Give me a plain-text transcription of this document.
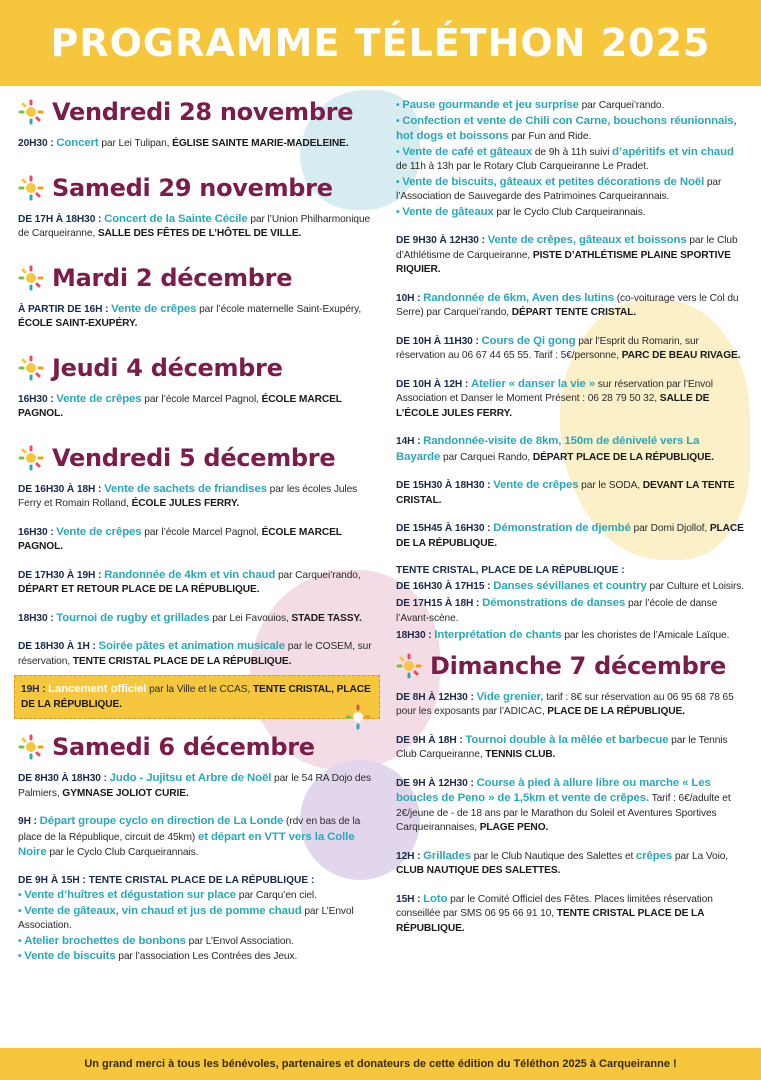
PROGRAMME TÉLÉTHON 2025
Vendredi 28 novembre

20H30 : Concert par Lei Tulipan, ÉGLISE SAINTE MARIE-MADELEINE.

Samedi 29 novembre

DE 17H À 18H30 : Concert de la Sainte Cécile par l’Union Philharmonique de Carqueiranne, SALLE DES FÊTES DE L’HÔTEL DE VILLE.

Mardi 2 décembre

À PARTIR DE 16H : Vente de crêpes par l’école maternelle Saint-Exupéry, ÉCOLE SAINT-EXUPÉRY.

Jeudi 4 décembre

16H30 : Vente de crêpes par l’école Marcel Pagnol, ÉCOLE MARCEL PAGNOL.

Vendredi 5 décembre

DE 16H30 À 18H : Vente de sachets de friandises par les écoles Jules Ferry et Romain Rolland, ÉCOLE JULES FERRY.

16H30 : Vente de crêpes par l’école Marcel Pagnol, ÉCOLE MARCEL PAGNOL.

DE 17H30 À 19H : Randonnée de 4km et vin chaud par Carquei’rando, DÉPART ET RETOUR PLACE DE LA RÉPUBLIQUE.

18H30 : Tournoi de rugby et grillades par Lei Favouios, STADE TASSY.

DE 18H30 À 1H : Soirée pâtes et animation musicale par le COSEM, sur réservation, TENTE CRISTAL PLACE DE LA RÉPUBLIQUE.

19H : Lancement officiel par la Ville et le CCAS, TENTE CRISTAL, PLACE DE LA RÉPUBLIQUE.

Samedi 6 décembre

DE 8H30 À 18H30 : Judo - Jujitsu et Arbre de Noël par le 54 RA Dojo des Palmiers, GYMNASE JOLIOT CURIE.

9H : Départ groupe cyclo en direction de La Londe (rdv en bas de la place de la République, circuit de 45km) et départ en VTT vers la Colle Noire par le Cyclo Club Carqueirannais.

DE 9H À 15H : TENTE CRISTAL PLACE DE LA RÉPUBLIQUE :

• Vente d’huîtres et dégustation sur place par Carqu’en ciel.

• Vente de gâteaux, vin chaud et jus de pomme chaud par L’Envol Association.

• Atelier brochettes de bonbons par L’Envol Association.

• Vente de biscuits par l’association Les Contrées des Jeux.

• Pause gourmande et jeu surprise par Carquei’rando.

• Confection et vente de Chili con Carne, bouchons réunionnais, hot dogs et boissons par Fun and Ride.

• Vente de café et gâteaux de 9h à 11h suivi d’apéritifs et vin chaud de 11h à 13h par le Rotary Club Carqueiranne Le Pradet.

• Vente de biscuits, gâteaux et petites décorations de Noël par l’Association de Sauvegarde des Patrimoines Carqueirannais.

• Vente de gâteaux par le Cyclo Club Carqueirannais.

DE 9H30 À 12H30 : Vente de crêpes, gâteaux et boissons par le Club d’Athlétisme de Carqueiranne, PISTE D’ATHLÉTISME PLAINE SPORTIVE RIQUIER.

10H : Randonnée de 6km, Aven des lutins (co-voiturage vers le Col du Serre) par Carquei’rando, DÉPART TENTE CRISTAL.

DE 10H À 11H30 : Cours de Qi gong par l’Esprit du Romarin, sur réservation au 06 67 44 65 55. Tarif : 5€/personne, PARC DE BEAU RIVAGE.

DE 10H À 12H : Atelier « danser la vie » sur réservation par l’Envol Association et Danser le Moment Présent : 06 28 79 50 32, SALLE DE L’ÉCOLE JULES FERRY.

14H : Randonnée-visite de 8km, 150m de dénivelé vers La Bayarde par Carquei Rando, DÉPART PLACE DE LA RÉPUBLIQUE.

DE 15H30 À 18H30 : Vente de crêpes par le SODA, DEVANT LA TENTE CRISTAL.

DE 15H45 À 16H30 : Démonstration de djembé par Domi Djollof, PLACE DE LA RÉPUBLIQUE.

TENTE CRISTAL, PLACE DE LA RÉPUBLIQUE :

DE 16H30 À 17H15 : Danses sévillanes et country par Culture et Loisirs.

DE 17H15 À 18H : Démonstrations de danses par l’école de danse l’Avant-scène.

18H30 : Interprétation de chants par les choristes de l’Amicale Laïque.

Dimanche 7 décembre

DE 8H À 12H30 : Vide grenier, tarif : 8€ sur réservation au 06 95 68 78 65 pour les exposants par l’ADICAC, PLACE DE LA RÉPUBLIQUE.

DE 9H À 18H : Tournoi double à la mêlée et barbecue par le Tennis Club Carqueiranne, TENNIS CLUB.

DE 9H À 12H30 : Course à pied à allure libre ou marche « Les boucles de Peno » de 1,5km et vente de crêpes. Tarif : 6€/adulte et 2€/jeune de - de 18 ans par le Marathon du Soleil et Aventures Sportives Carqueirannaises, PLAGE PENO.

12H : Grillades par le Club Nautique des Salettes et crêpes par La Voio, CLUB NAUTIQUE DES SALETTES.

15H : Loto par le Comité Officiel des Fêtes. Places limitées réservation conseillée par SMS 06 95 66 91 10, TENTE CRISTAL PLACE DE LA RÉPUBLIQUE.

Un grand merci à tous les bénévoles, partenaires et donateurs de cette édition du Téléthon 2025 à Carqueiranne !
